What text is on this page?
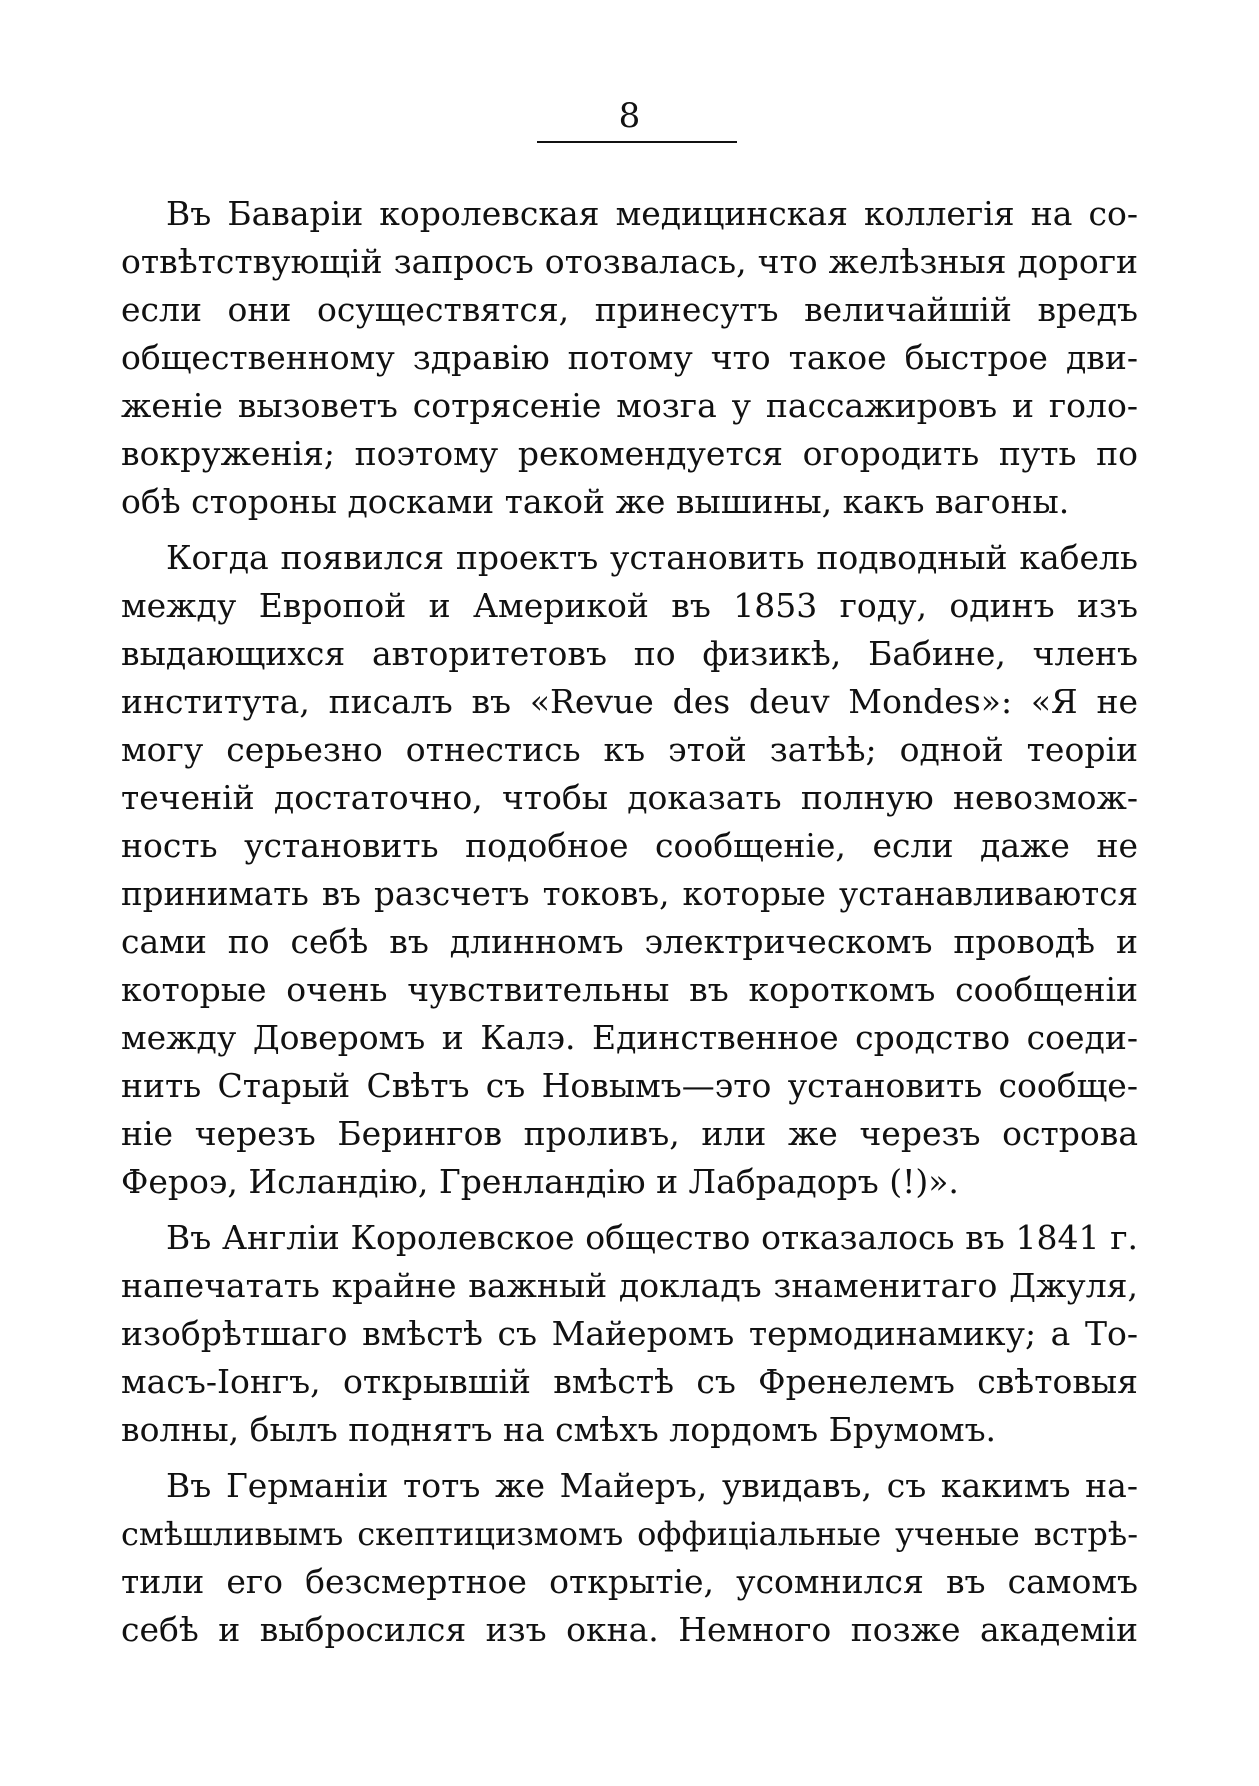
8
Въ Баваріи королевская медицинская коллегія на со-
отвѣтствующій запросъ отозвалась, что желѣзныя дороги
если они осуществятся, принесутъ величайшій вредъ
общественному здравію потому что такое быстрое дви-
женіе вызоветъ сотрясеніе мозга у пассажировъ и голо-
вокруженія; поэтому рекомендуется огородить путь по
обѣ стороны досками такой же вышины, какъ вагоны.
Когда появился проектъ установить подводный кабель
между Европой и Америкой въ 1853 году, одинъ изъ
выдающихся авторитетовъ по физикѣ, Бабине, членъ
института, писалъ въ «Revue des deuv Mondes»: «Я не
могу серьезно отнестись къ этой затѣѣ; одной теоріи
теченій достаточно, чтобы доказать полную невозмож-
ность установить подобное сообщеніе, если даже не
принимать въ разсчетъ токовъ, которые устанавливаются
сами по себѣ въ длинномъ электрическомъ проводѣ и
которые очень чувствительны въ короткомъ сообщеніи
между Доверомъ и Калэ. Единственное сродство соеди-
нить Старый Свѣтъ съ Новымъ—это установить сообще-
ніе черезъ Берингов проливъ, или же черезъ острова
Фероэ, Исландію, Гренландію и Лабрадоръ (!)».
Въ Англіи Королевское общество отказалось въ 1841 г.
напечатать крайне важный докладъ знаменитаго Джуля,
изобрѣтшаго вмѣстѣ съ Майеромъ термодинамику; а То-
масъ-Іонгъ, открывшій вмѣстѣ съ Френелемъ свѣтовыя
волны, былъ поднятъ на смѣхъ лордомъ Брумомъ.
Въ Германіи тотъ же Майеръ, увидавъ, съ какимъ на-
смѣшливымъ скептицизмомъ оффиціальные ученые встрѣ-
тили его безсмертное открытіе, усомнился въ самомъ
себѣ и выбросился изъ окна. Немного позже академіи
